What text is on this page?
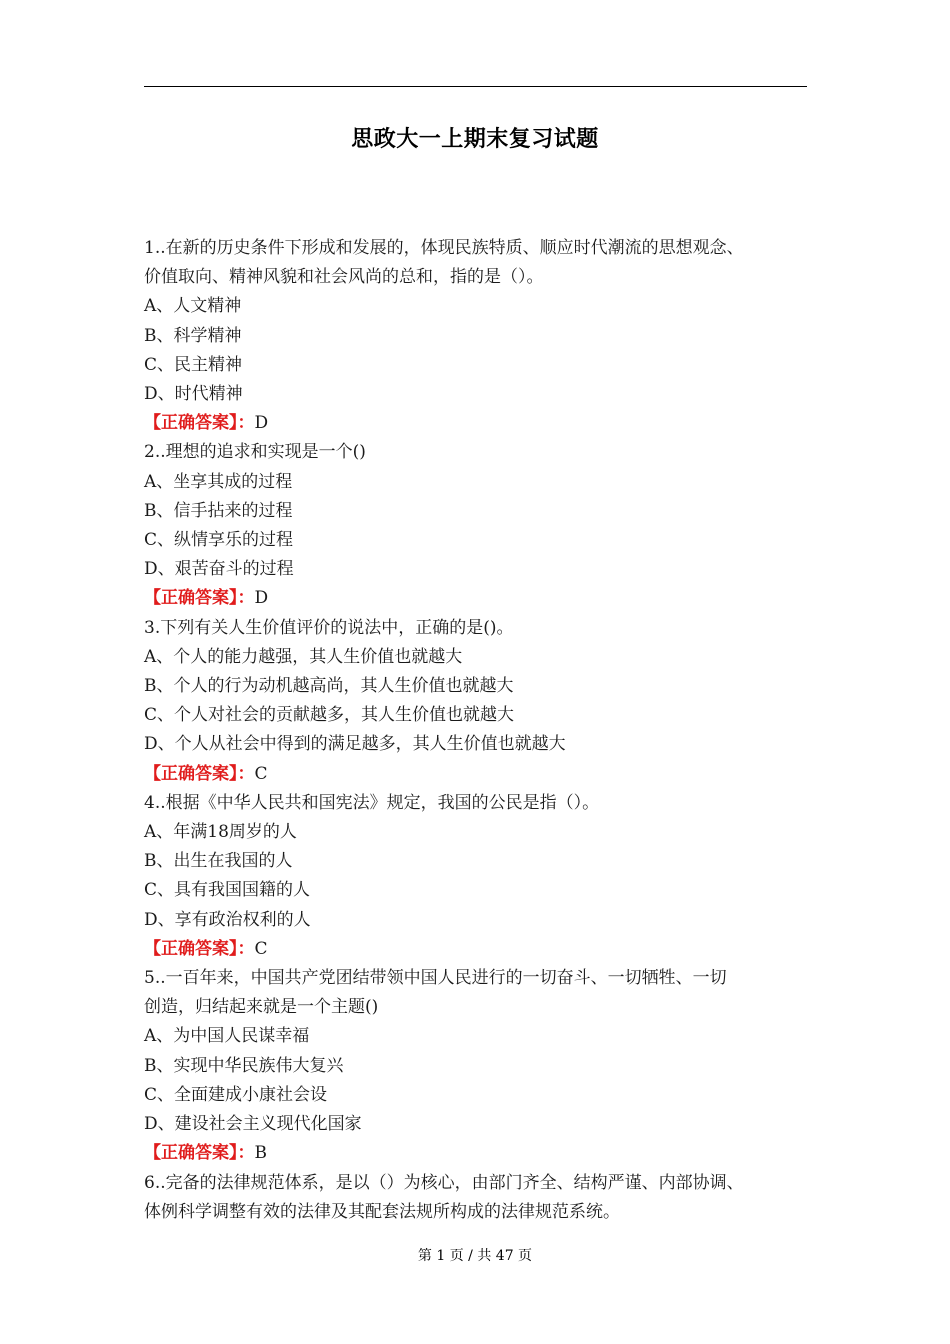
思政大一上期末复习试题
1..在新的历史条件下形成和发展的，体现民族特质、顺应时代潮流的思想观念、
价值取向、精神风貌和社会风尚的总和，指的是（）。
A、人文精神
B、科学精神
C、民主精神
D、时代精神
【正确答案】：D
2..理想的追求和实现是一个()
A、坐享其成的过程
B、信手拈来的过程
C、纵情享乐的过程
D、艰苦奋斗的过程
【正确答案】：D
3.下列有关人生价值评价的说法中，正确的是()。
A、个人的能力越强，其人生价值也就越大
B、个人的行为动机越高尚，其人生价值也就越大
C、个人对社会的贡献越多，其人生价值也就越大
D、个人从社会中得到的满足越多，其人生价值也就越大
【正确答案】：C
4..根据《中华人民共和国宪法》规定，我国的公民是指（）。
A、年满18周岁的人
B、出生在我国的人
C、具有我国国籍的人
D、享有政治权利的人
【正确答案】：C
5..一百年来，中国共产党团结带领中国人民进行的一切奋斗、一切牺牲、一切
创造，归结起来就是一个主题()
A、为中国人民谋幸福
B、实现中华民族伟大复兴
C、全面建成小康社会设
D、建设社会主义现代化国家
【正确答案】：B
6..完备的法律规范体系，是以（）为核心，由部门齐全、结构严谨、内部协调、
体例科学调整有效的法律及其配套法规所构成的法律规范系统。
第 1 页 / 共 47 页
